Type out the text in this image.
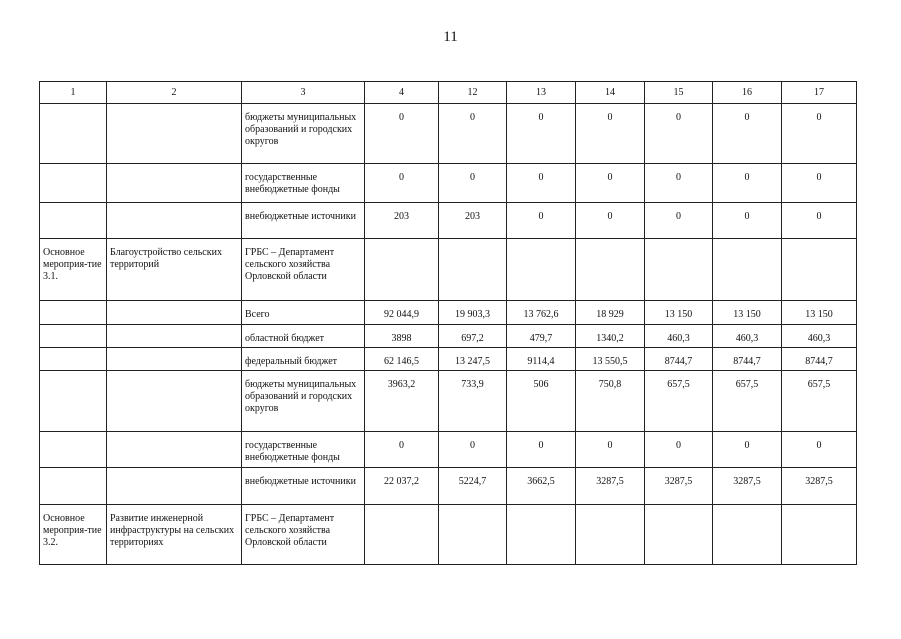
11
1	2	3	4	12	13	14	15	16	17
		бюджеты муниципальных образований и городских округов	0	0	0	0	0	0	0
		государственные внебюджетные фонды	0	0	0	0	0	0	0
		внебюджетные источники	203	203	0	0	0	0	0
Основное мероприя-тие 3.1.	Благоустройство сельских территорий	ГРБС – Департамент сельского хозяйства Орловской области							
		Всего	92 044,9	19 903,3	13 762,6	18 929	13 150	13 150	13 150
		областной бюджет	3898	697,2	479,7	1340,2	460,3	460,3	460,3
		федеральный бюджет	62 146,5	13 247,5	9114,4	13 550,5	8744,7	8744,7	8744,7
		бюджеты муниципальных образований и городских округов	3963,2	733,9	506	750,8	657,5	657,5	657,5
		государственные внебюджетные фонды	0	0	0	0	0	0	0
		внебюджетные источники	22 037,2	5224,7	3662,5	3287,5	3287,5	3287,5	3287,5
Основное мероприя-тие 3.2.	Развитие инженерной инфраструктуры на сельских территориях	ГРБС – Департамент сельского хозяйства Орловской области							
